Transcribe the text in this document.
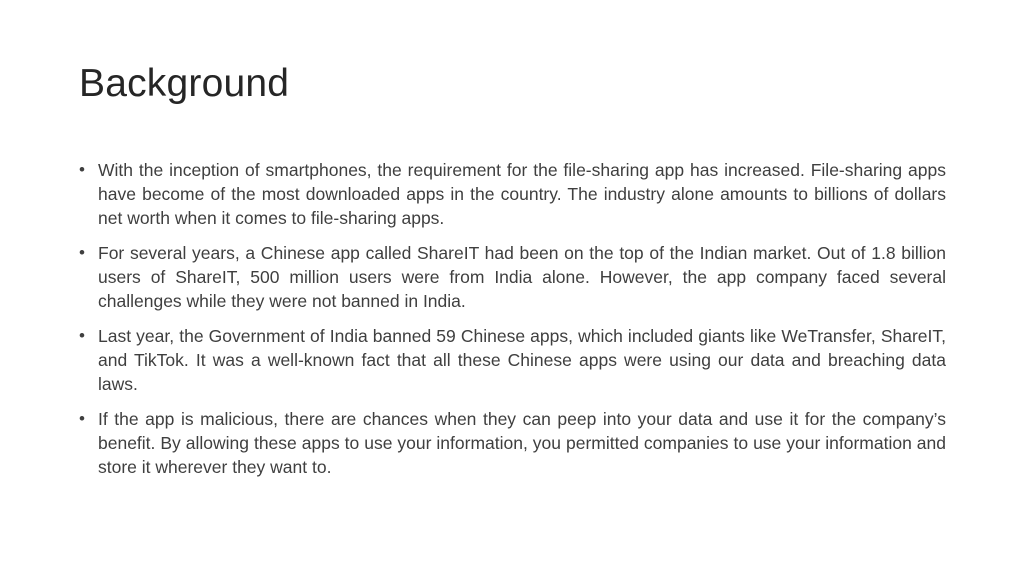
Background
• With the inception of smartphones, the requirement for the file-sharing app has increased. File-sharing apps have become of the most downloaded apps in the country. The industry alone amounts to billions of dollars net worth when it comes to file-sharing apps.
• For several years, a Chinese app called ShareIT had been on the top of the Indian market. Out of 1.8 billion users of ShareIT, 500 million users were from India alone. However, the app company faced several challenges while they were not banned in India.
• Last year, the Government of India banned 59 Chinese apps, which included giants like WeTransfer, ShareIT, and TikTok. It was a well-known fact that all these Chinese apps were using our data and breaching data laws.
• If the app is malicious, there are chances when they can peep into your data and use it for the company’s benefit. By allowing these apps to use your information, you permitted companies to use your information and store it wherever they want to.
